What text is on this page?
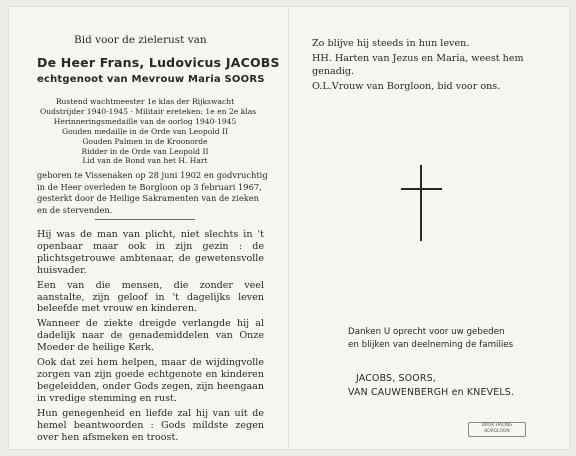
Bid voor de zielerust van
De Heer Frans, Ludovicus JACOBS
echtgenoot van Mevrouw Maria SOORS
Rustend wachtmeester 1e klas der Rijkswacht
Oudstrijder 1940-1945 · Militair ereteken: 1e en 2e klas
Herinneringsmedaille van de oorlog 1940-1945
Gouden medaille in de Orde van Leopold II
Gouden Palmen in de Kroonorde
Ridder in de Orde van Leopold II
Lid van de Bond van het H. Hart
geboren te Vissenaken op 28 juni 1902 en godvruchtig
in de Heer overleden te Borgloon op 3 februari 1967,
gesterkt door de Heilige Sakramenten van de zieken
en de stervenden.

Hij was de man van plicht, niet slechts in 't openbaar maar ook in zijn gezin : de plichtsgetrouwe ambtenaar, de gewetensvolle huisvader.

Een van die mensen, die zonder veel aanstalte, zijn geloof in 't dagelijks leven beleefde met vrouw en kinderen.

Wanneer de ziekte dreigde verlangde hij al dadelijk naar de genademiddelen van Onze Moeder de heilige Kerk.

Ook dat zei hem helpen, maar de wijdingvolle zorgen van zijn goede echtgenote en kinderen begeleidden, onder Gods zegen, zijn heengaan in vredige stemming en rust.

Hun genegenheid en liefde zal hij van uit de hemel beantwoorden : Gods mildste zegen over hen afsmeken en troost.

Zo blijve hij steeds in hun leven.

HH. Harten van Jezus en Maria, weest hem genadig.

O.L.Vrouw van Borgloon, bid voor ons.

Danken U oprecht voor uw gebeden
en blijken van deelneming de families
JACOBS, SOORS,
VAN CAUWENBERGH en KNEVELS.
DRUK HALING
BORGLOON
